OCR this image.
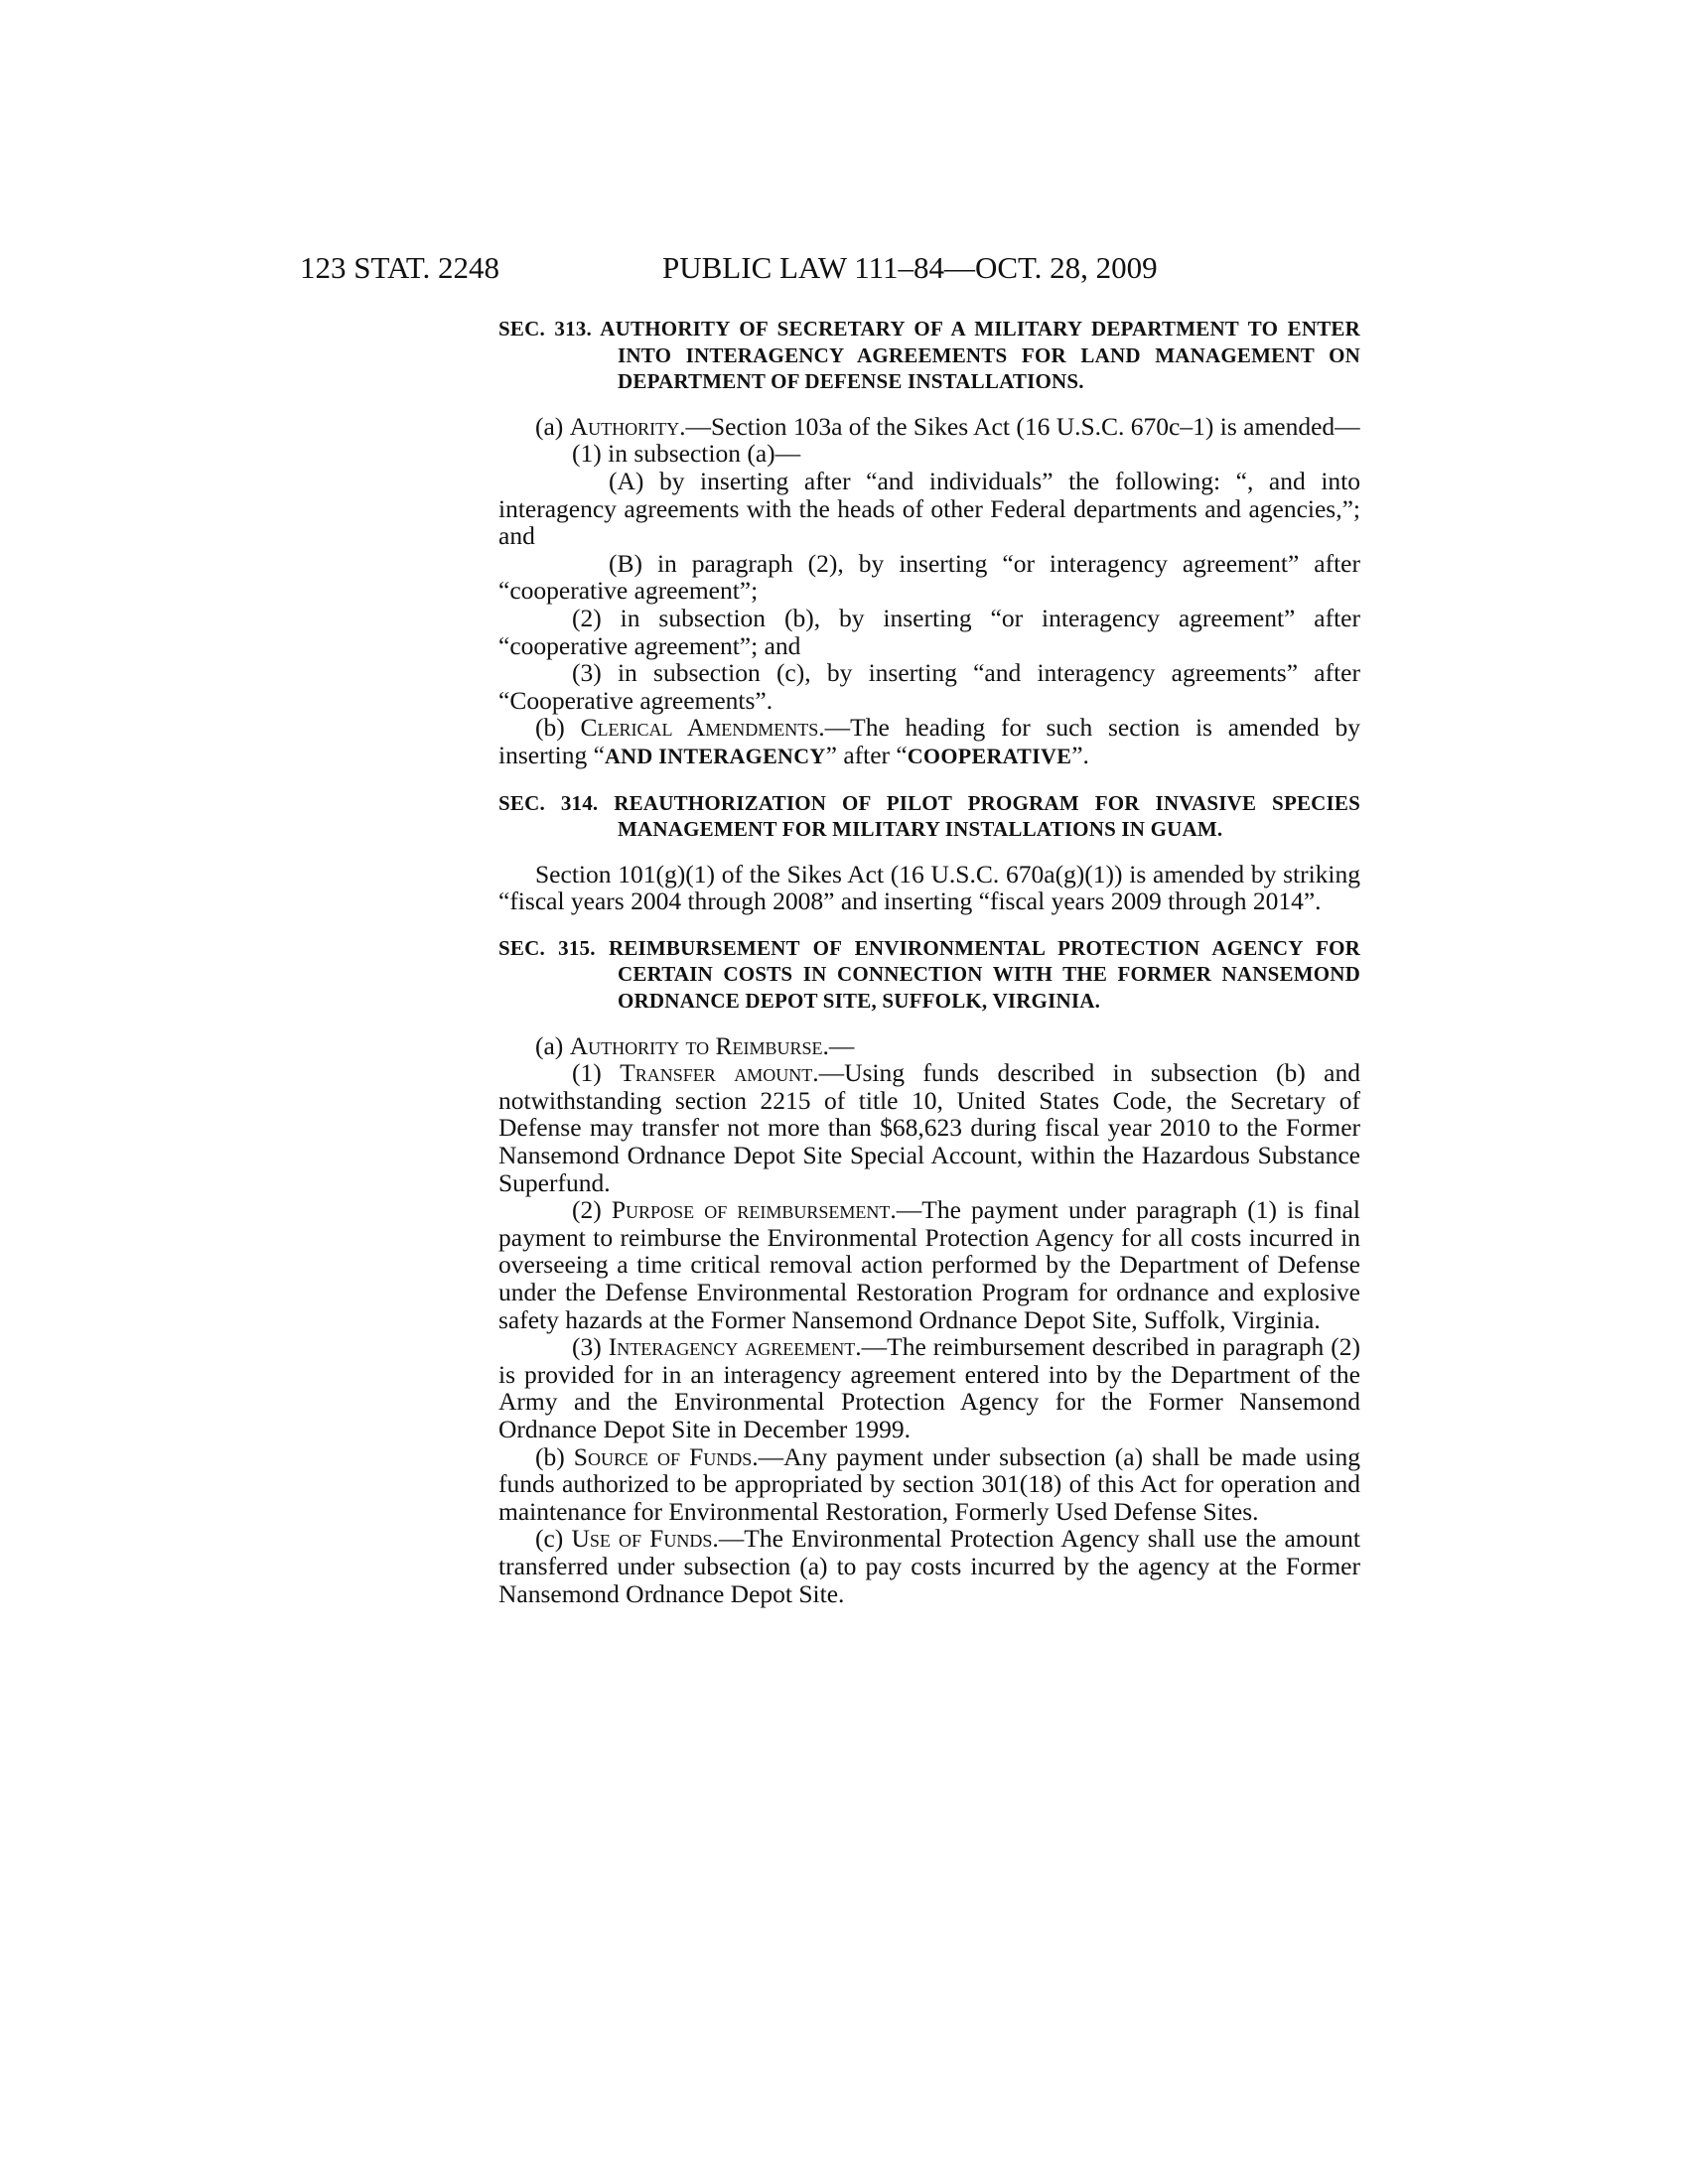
123 STAT. 2248	PUBLIC LAW 111–84—OCT. 28, 2009
SEC. 313. AUTHORITY OF SECRETARY OF A MILITARY DEPARTMENT TO ENTER INTO INTERAGENCY AGREEMENTS FOR LAND MANAGEMENT ON DEPARTMENT OF DEFENSE INSTALLATIONS.

(a) Authority.—Section 103a of the Sikes Act (16 U.S.C. 670c–1) is amended—

(1) in subsection (a)—

(A) by inserting after “and individuals” the following: “, and into interagency agreements with the heads of other Federal departments and agencies,”; and

(B) in paragraph (2), by inserting “or interagency agreement” after “cooperative agreement”;

(2) in subsection (b), by inserting “or interagency agreement” after “cooperative agreement”; and

(3) in subsection (c), by inserting “and interagency agreements” after “Cooperative agreements”.

(b) Clerical Amendments.—The heading for such section is amended by inserting “AND INTERAGENCY” after “COOPERATIVE”.

SEC. 314. REAUTHORIZATION OF PILOT PROGRAM FOR INVASIVE SPECIES MANAGEMENT FOR MILITARY INSTALLATIONS IN GUAM.

Section 101(g)(1) of the Sikes Act (16 U.S.C. 670a(g)(1)) is amended by striking “fiscal years 2004 through 2008” and inserting “fiscal years 2009 through 2014”.

SEC. 315. REIMBURSEMENT OF ENVIRONMENTAL PROTECTION AGENCY FOR CERTAIN COSTS IN CONNECTION WITH THE FORMER NANSEMOND ORDNANCE DEPOT SITE, SUFFOLK, VIRGINIA.

(a) Authority to Reimburse.—

(1) Transfer amount.—Using funds described in subsection (b) and notwithstanding section 2215 of title 10, United States Code, the Secretary of Defense may transfer not more than $68,623 during fiscal year 2010 to the Former Nansemond Ordnance Depot Site Special Account, within the Hazardous Substance Superfund.

(2) Purpose of reimbursement.—The payment under paragraph (1) is final payment to reimburse the Environmental Protection Agency for all costs incurred in overseeing a time critical removal action performed by the Department of Defense under the Defense Environmental Restoration Program for ordnance and explosive safety hazards at the Former Nansemond Ordnance Depot Site, Suffolk, Virginia.

(3) Interagency agreement.—The reimbursement described in paragraph (2) is provided for in an interagency agreement entered into by the Department of the Army and the Environmental Protection Agency for the Former Nansemond Ordnance Depot Site in December 1999.

(b) Source of Funds.—Any payment under subsection (a) shall be made using funds authorized to be appropriated by section 301(18) of this Act for operation and maintenance for Environmental Restoration, Formerly Used Defense Sites.

(c) Use of Funds.—The Environmental Protection Agency shall use the amount transferred under subsection (a) to pay costs incurred by the agency at the Former Nansemond Ordnance Depot Site.
